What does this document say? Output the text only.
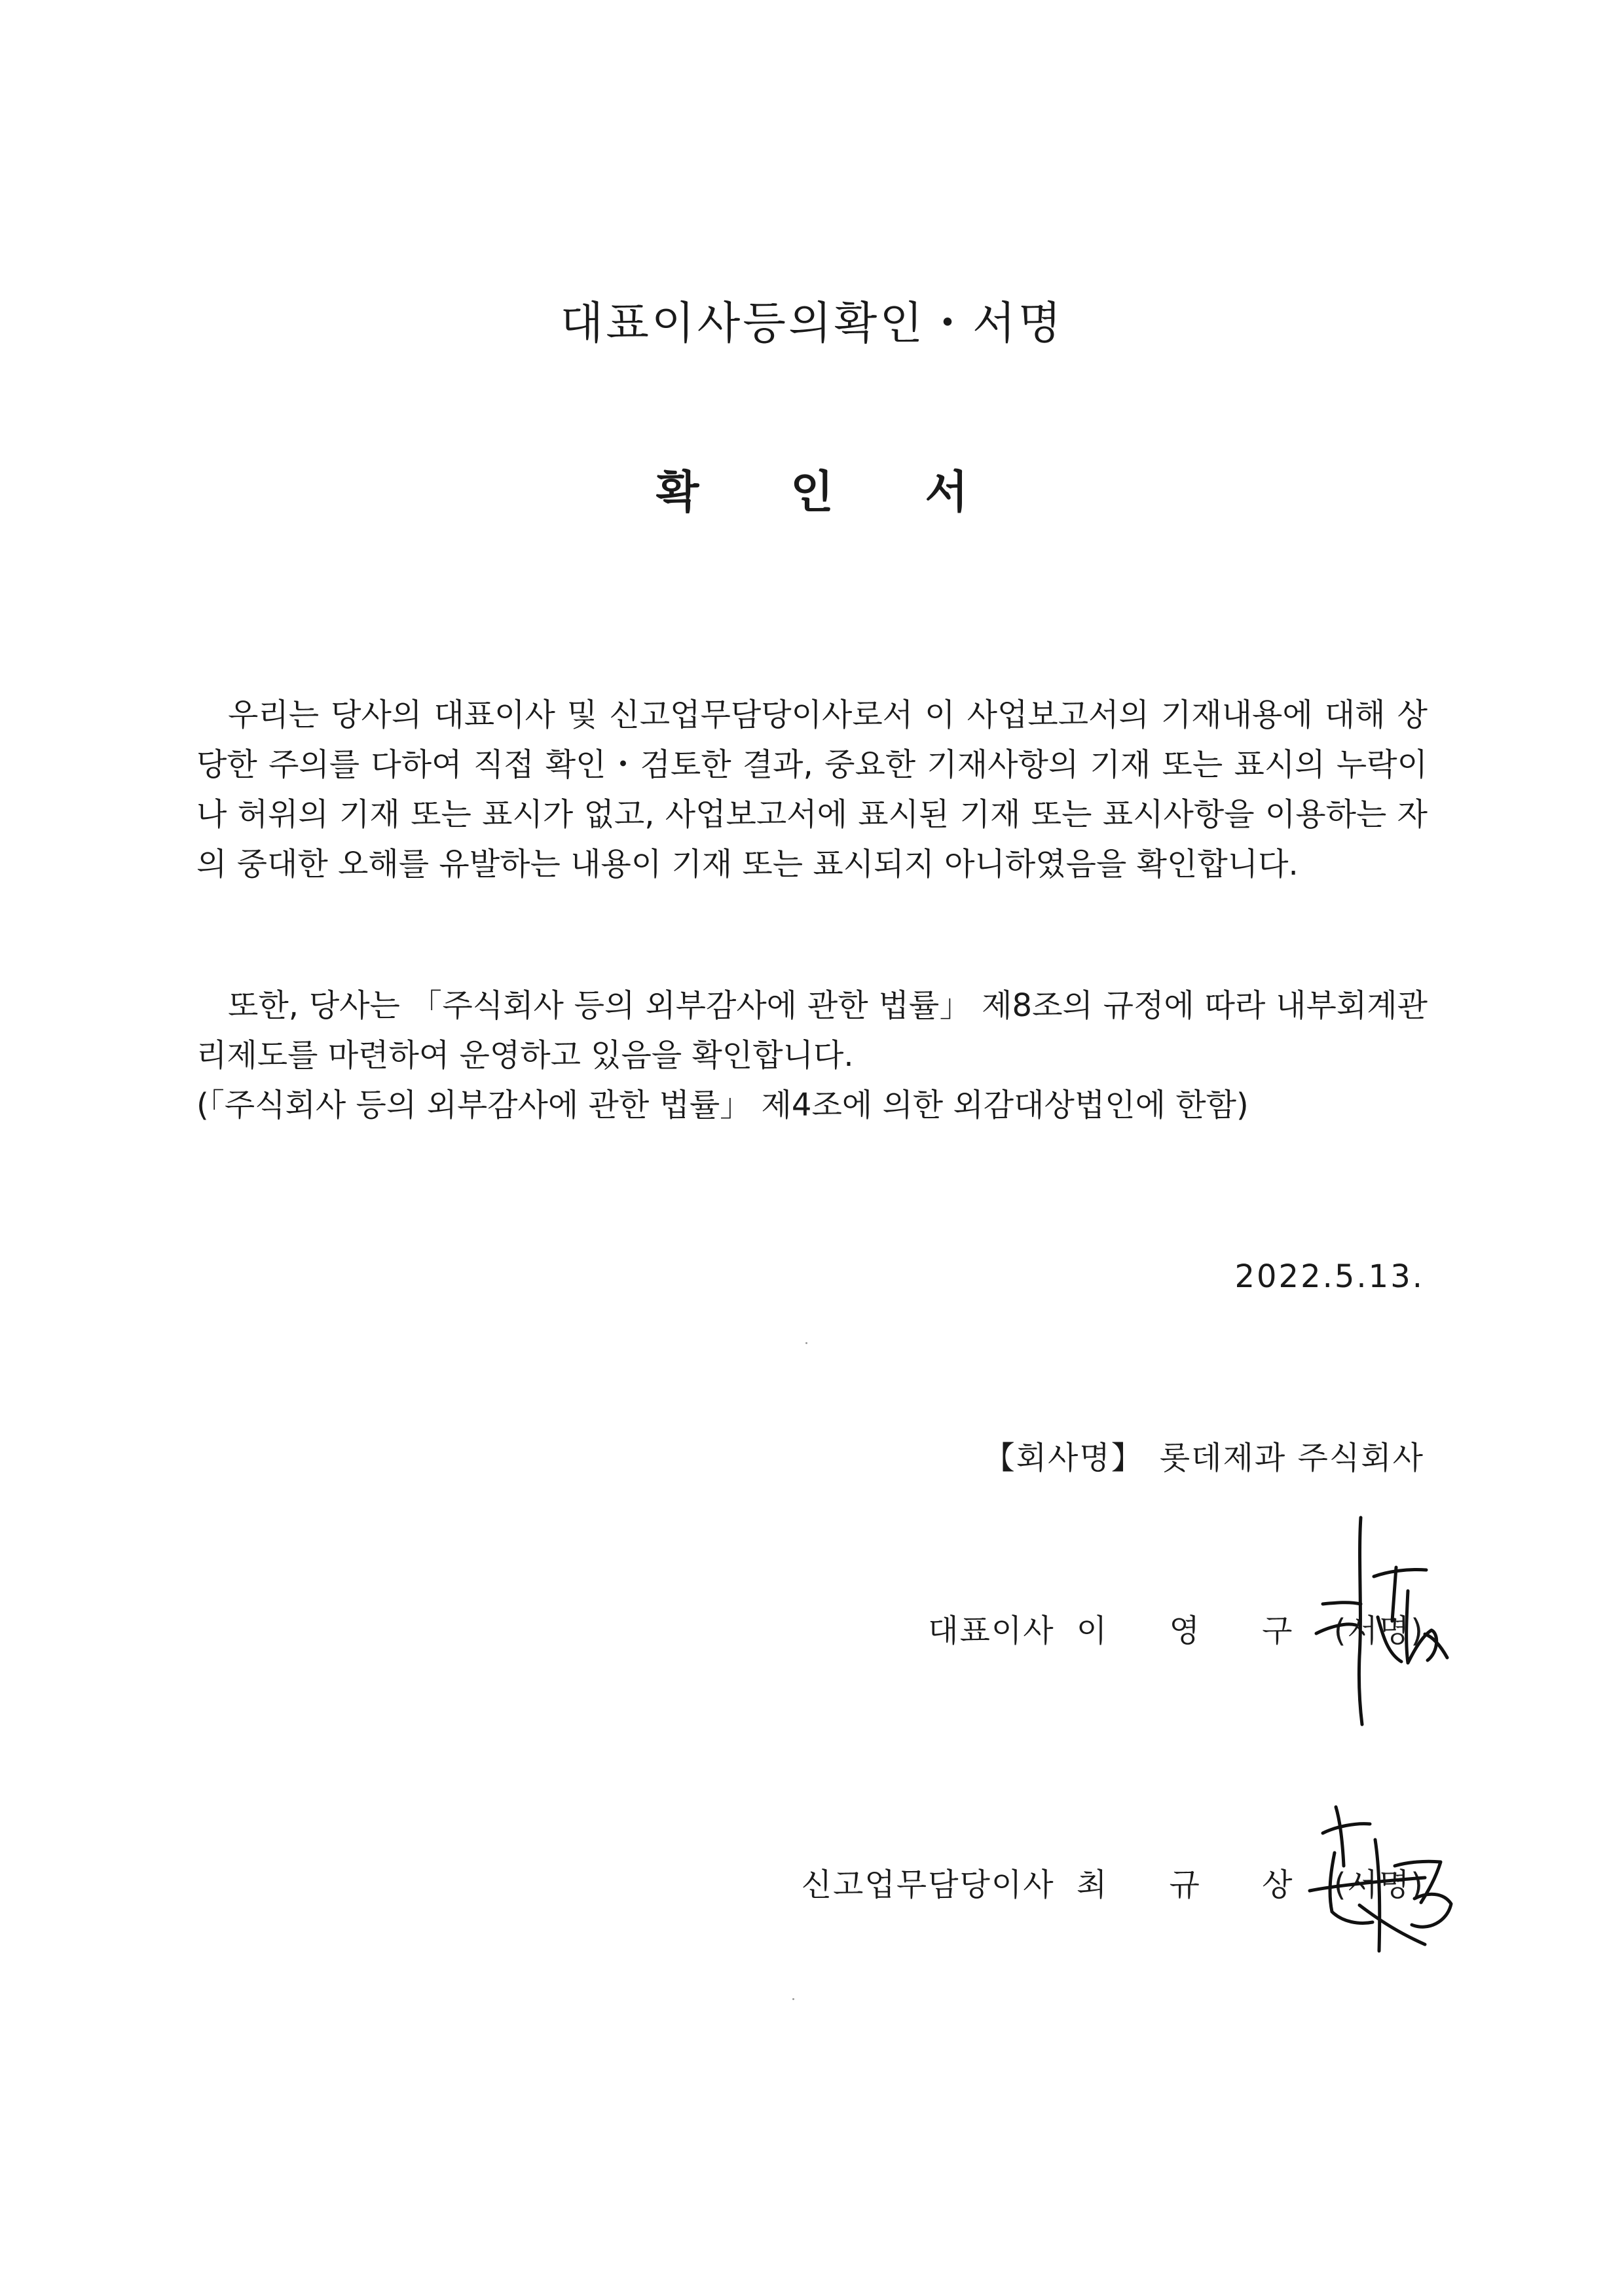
대표이사등의확인・서명
확 인 서

우리는 당사의 대표이사 및 신고업무담당이사로서 이 사업보고서의 기재내용에 대해 상당한 주의를 다하여 직접 확인・검토한 결과, 중요한 기재사항의 기재 또는 표시의 누락이나 허위의 기재 또는 표시가 없고, 사업보고서에 표시된 기재 또는 표시사항을 이용하는 자의 중대한 오해를 유발하는 내용이 기재 또는 표시되지 아니하였음을 확인합니다.

또한, 당사는 「주식회사 등의 외부감사에 관한 법률」 제8조의 규정에 따라 내부회계관리제도를 마련하여 운영하고 있음을 확인합니다.

(「주식회사 등의 외부감사에 관한 법률」 제4조에 의한 외감대상법인에 한함)

2022.5.13.
【회사명】 롯데제과 주식회사
대표이사 이 영 구 (서명)
신고업무담당이사 최 규 상 (서명)
